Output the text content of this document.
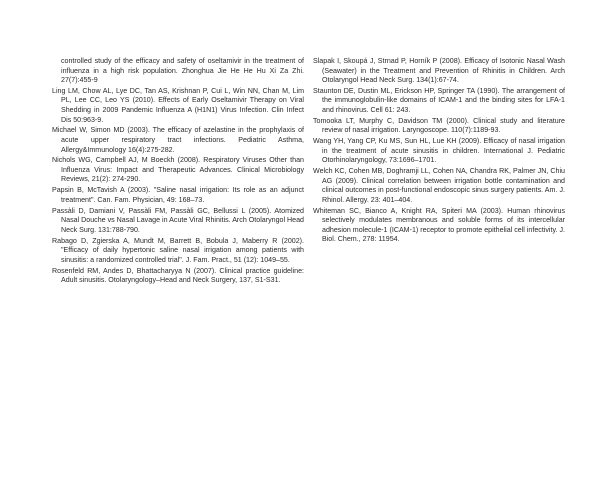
controlled study of the efficacy and safety of oseltamivir in the treatment of influenza in a high risk population. Zhonghua Jie He He Hu Xi Za Zhi. 27(7):455-9

Ling LM, Chow AL, Lye DC, Tan AS, Krishnan P, Cui L, Win NN, Chan M, Lim PL, Lee CC, Leo YS (2010). Effects of Early Oseltamivir Therapy on Viral Shedding in 2009 Pandemic Influenza A (H1N1) Virus Infection. Clin Infect Dis 50:963-9.

Michael W, Simon MD (2003). The efficacy of azelastine in the prophylaxis of acute upper respiratory tract infections. Pediatric Asthma, Allergy&Immunology 16(4):275-282.

Nichols WG, Campbell AJ, M Boeckh (2008). Respiratory Viruses Other than Influenza Virus: Impact and Therapeutic Advances. Clinical Microbiology Reviews, 21(2): 274-290.

Papsin B, McTavish A (2003). "Saline nasal irrigation: Its role as an adjunct treatment". Can. Fam. Physician, 49: 168–73.

Passàli D, Damiani V, Passàli FM, Passàli GC, Bellussi L (2005). Atomized Nasal Douche vs Nasal Lavage in Acute Viral Rhinitis. Arch Otolaryngol Head Neck Surg. 131:788-790.

Rabago D, Zgierska A, Mundt M, Barrett B, Bobula J, Maberry R (2002). "Efficacy of daily hypertonic saline nasal irrigation among patients with sinusitis: a randomized controlled trial". J. Fam. Pract., 51 (12): 1049–55.

Rosenfeld RM, Andes D, Bhattacharyya N (2007). Clinical practice guideline: Adult sinusitis. Otolaryngology–Head and Neck Surgery, 137, S1-S31.

Slapak I, Skoupá J, Strnad P, Horník P (2008). Efficacy of Isotonic Nasal Wash (Seawater) in the Treatment and Prevention of Rhinitis in Children. Arch Otolaryngol Head Neck Surg. 134(1):67-74.

Staunton DE, Dustin ML, Erickson HP, Springer TA (1990). The arrangement of the immunoglobulin-like domains of ICAM-1 and the binding sites for LFA-1 and rhinovirus. Cell 61: 243.

Tomooka LT, Murphy C, Davidson TM (2000). Clinical study and literature review of nasal irrigation. Laryngoscope. 110(7):1189-93.

Wang YH, Yang CP, Ku MS, Sun HL, Lue KH (2009). Efficacy of nasal irrigation in the treatment of acute sinusitis in children. International J. Pediatric Otorhinolaryngology, 73:1696–1701.

Welch KC, Cohen MB, Doghramji LL, Cohen NA, Chandra RK, Palmer JN, Chiu AG (2009). Clinical correlation between irrigation bottle contamination and clinical outcomes in post-functional endoscopic sinus surgery patients. Am. J. Rhinol. Allergy. 23: 401–404.

Whiteman SC, Bianco A, Knight RA, Spiteri MA (2003). Human rhinovirus selectively modulates membranous and soluble forms of its intercellular adhesion molecule-1 (ICAM-1) receptor to promote epithelial cell infectivity. J. Biol. Chem., 278: 11954.
